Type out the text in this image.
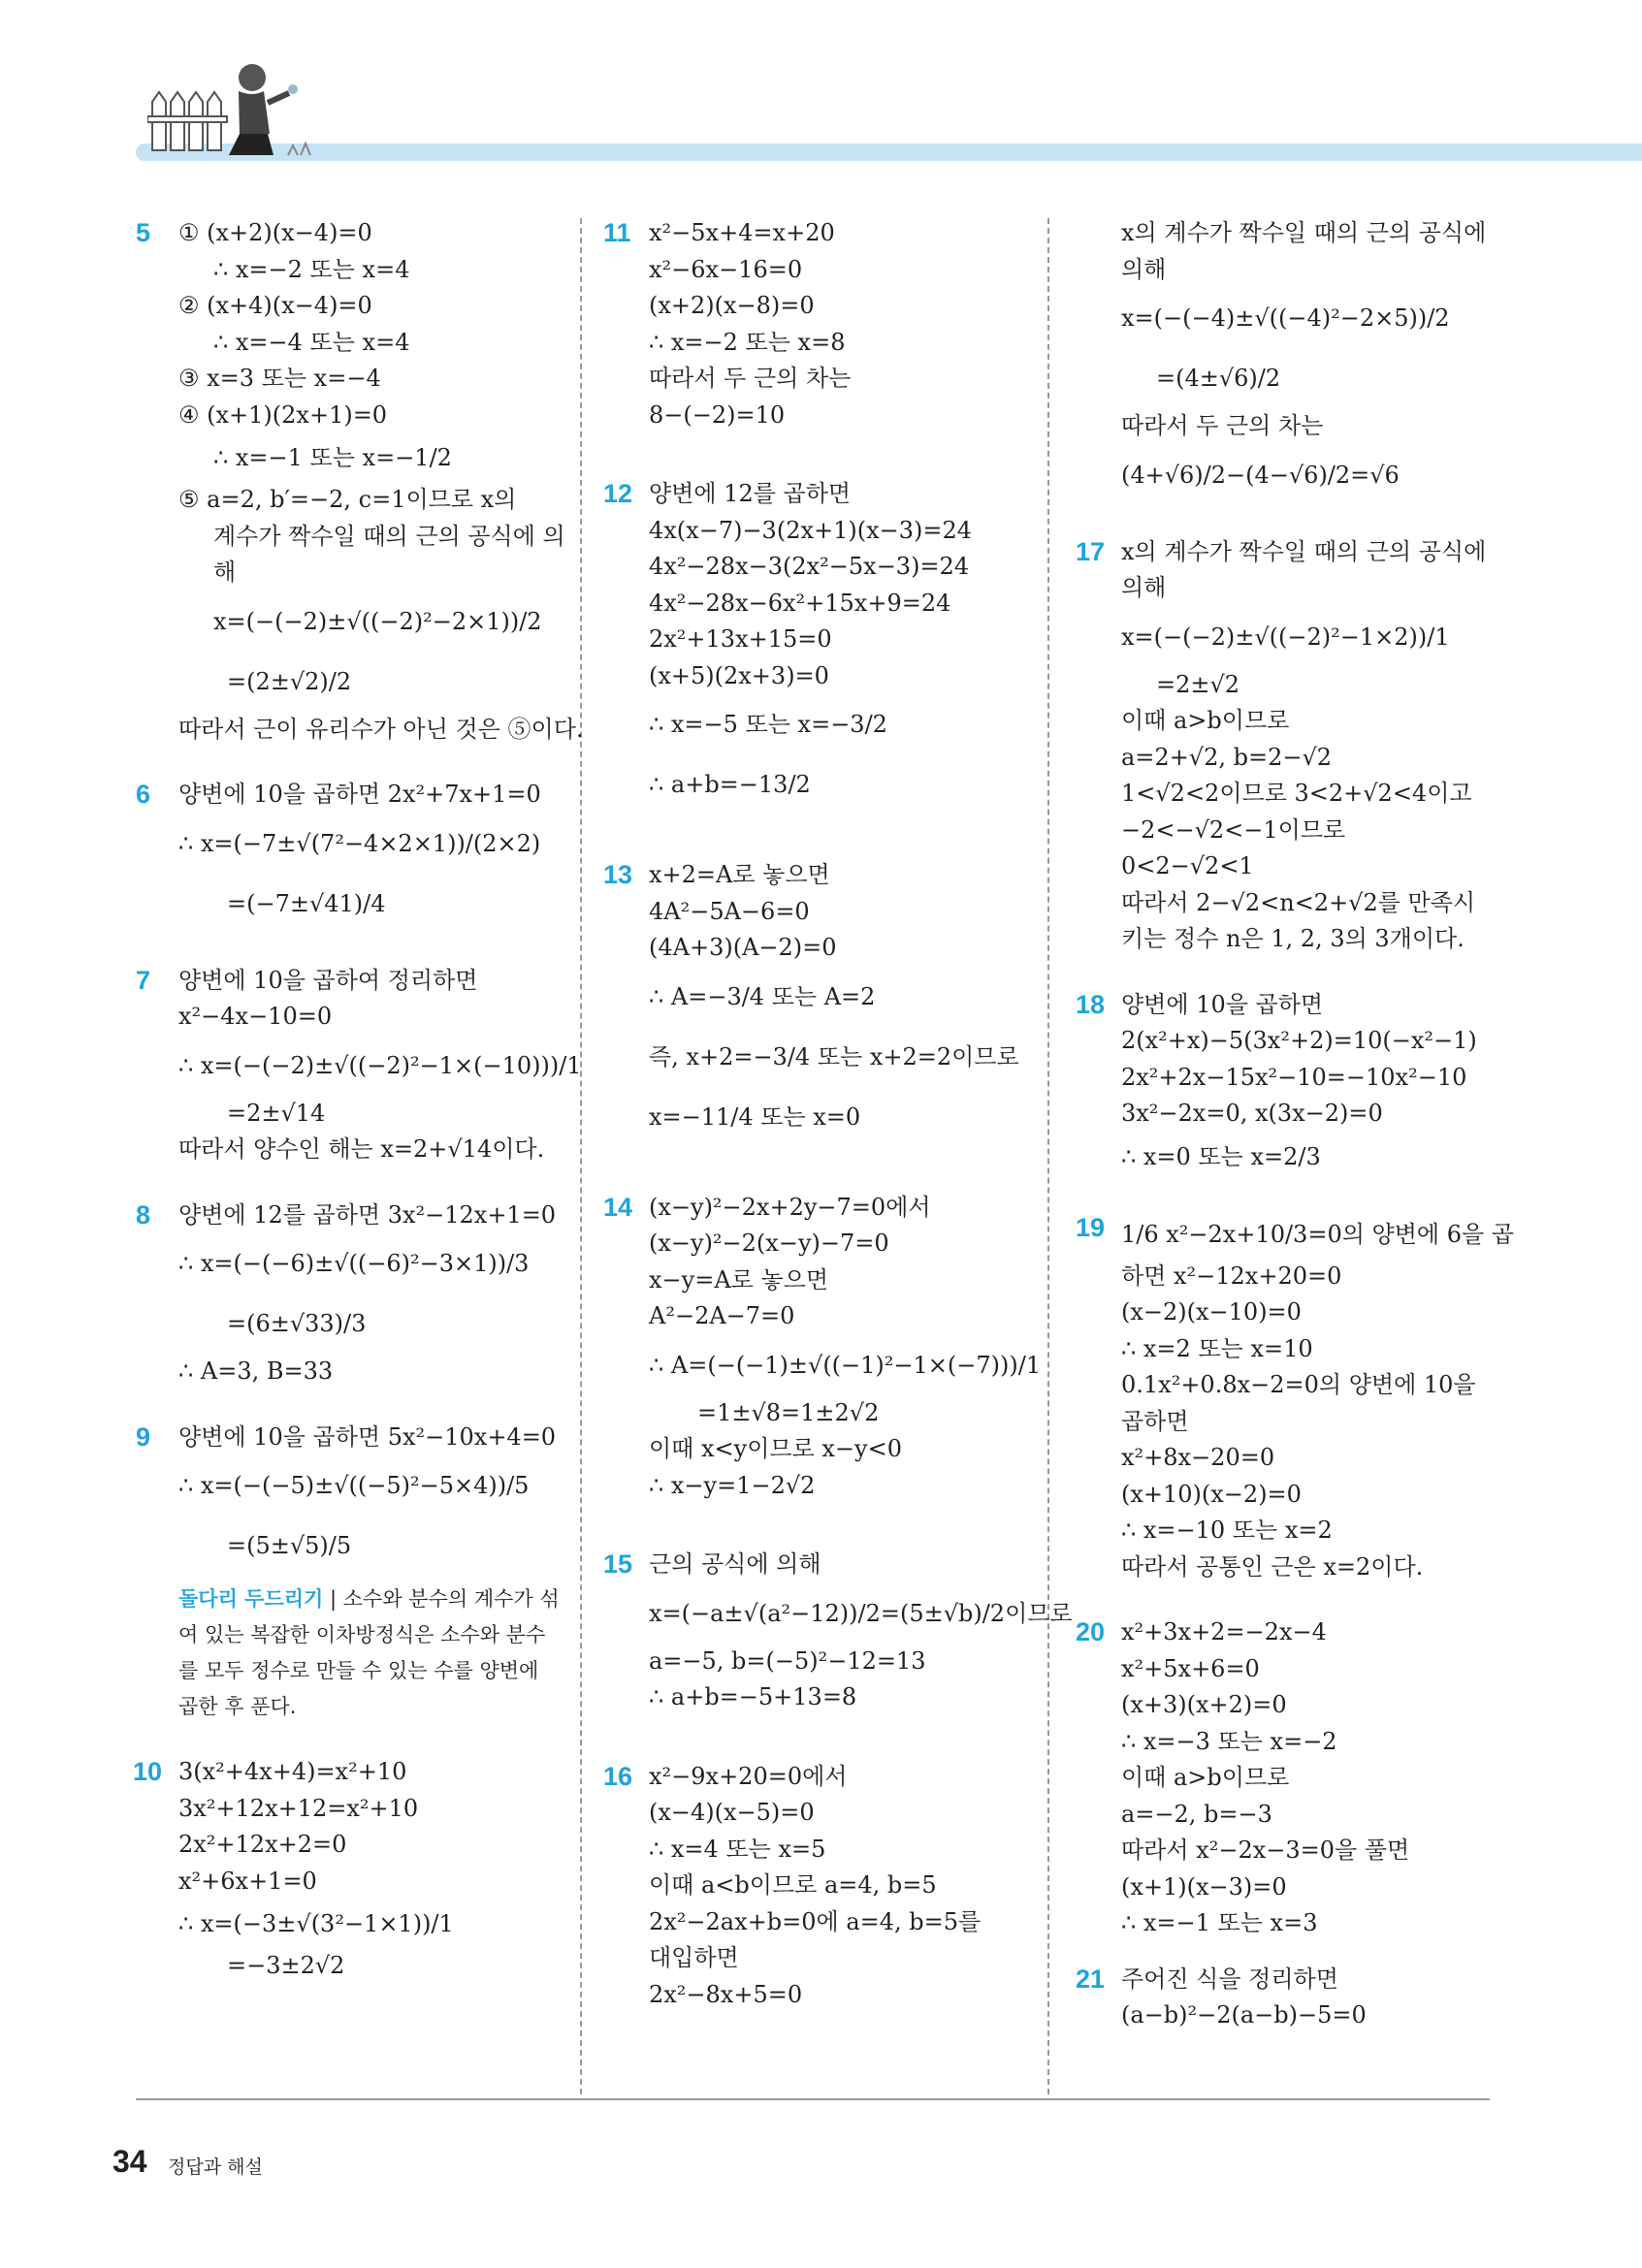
5 ① (x+2)(x−4)=0
∴ x=−2 또는 x=4
② (x+4)(x−4)=0
∴ x=−4 또는 x=4
③ x=3 또는 x=−4
④ (x+1)(2x+1)=0
∴ x=−1 또는 x=−1/2
⑤ a=2, b′=−2, c=1이므로 x의
계수가 짝수일 때의 근의 공식에 의
해
x=(−(−2)±√((−2)²−2×1))/2
=(2±√2)/2
따라서 근이 유리수가 아닌 것은 ⑤이다.
6 양변에 10을 곱하면 2x²+7x+1=0
∴ x=(−7±√(7²−4×2×1))/(2×2)
=(−7±√41)/4
7 양변에 10을 곱하여 정리하면
x²−4x−10=0
∴ x=(−(−2)±√((−2)²−1×(−10)))/1
=2±√14
따라서 양수인 해는 x=2+√14이다.
8 양변에 12를 곱하면 3x²−12x+1=0
∴ x=(−(−6)±√((−6)²−3×1))/3
=(6±√33)/3
∴ A=3, B=33
9 양변에 10을 곱하면 5x²−10x+4=0
∴ x=(−(−5)±√((−5)²−5×4))/5
=(5±√5)/5
돌다리 두드리기 | 소수와 분수의 계수가 섞여 있는 복잡한 이차방정식은 소수와 분수를 모두 정수로 만들 수 있는 수를 양변에 곱한 후 푼다.
10 3(x²+4x+4)=x²+10
3x²+12x+12=x²+10
2x²+12x+2=0
x²+6x+1=0
∴ x=(−3±√(3²−1×1))/1
=−3±2√2
11 x²−5x+4=x+20
x²−6x−16=0
(x+2)(x−8)=0
∴ x=−2 또는 x=8
따라서 두 근의 차는
8−(−2)=10
12 양변에 12를 곱하면
4x(x−7)−3(2x+1)(x−3)=24
4x²−28x−3(2x²−5x−3)=24
4x²−28x−6x²+15x+9=24
2x²+13x+15=0
(x+5)(2x+3)=0
∴ x=−5 또는 x=−3/2
∴ a+b=−13/2
13 x+2=A로 놓으면
4A²−5A−6=0
(4A+3)(A−2)=0
∴ A=−3/4 또는 A=2
즉, x+2=−3/4 또는 x+2=2이므로
x=−11/4 또는 x=0
14 (x−y)²−2x+2y−7=0에서
(x−y)²−2(x−y)−7=0
x−y=A로 놓으면
A²−2A−7=0
∴ A=(−(−1)±√((−1)²−1×(−7)))/1
=1±√8=1±2√2
이때 x<y이므로 x−y<0
∴ x−y=1−2√2
15 근의 공식에 의해
x=(−a±√(a²−12))/2=(5±√b)/2이므로
a=−5, b=(−5)²−12=13
∴ a+b=−5+13=8
16 x²−9x+20=0에서
(x−4)(x−5)=0
∴ x=4 또는 x=5
이때 a<b이므로 a=4, b=5
2x²−2ax+b=0에 a=4, b=5를
대입하면
2x²−8x+5=0
x의 계수가 짝수일 때의 근의 공식에
의해
x=(−(−4)±√((−4)²−2×5))/2
=(4±√6)/2
따라서 두 근의 차는
(4+√6)/2−(4−√6)/2=√6
17 x의 계수가 짝수일 때의 근의 공식에
의해
x=(−(−2)±√((−2)²−1×2))/1
=2±√2
이때 a>b이므로
a=2+√2, b=2−√2
1<√2<2이므로 3<2+√2<4이고
−2<−√2<−1이므로
0<2−√2<1
따라서 2−√2<n<2+√2를 만족시
키는 정수 n은 1, 2, 3의 3개이다.
18 양변에 10을 곱하면
2(x²+x)−5(3x²+2)=10(−x²−1)
2x²+2x−15x²−10=−10x²−10
3x²−2x=0, x(3x−2)=0
∴ x=0 또는 x=2/3
19 1/6 x²−2x+10/3=0의 양변에 6을 곱
하면 x²−12x+20=0
(x−2)(x−10)=0
∴ x=2 또는 x=10
0.1x²+0.8x−2=0의 양변에 10을
곱하면
x²+8x−20=0
(x+10)(x−2)=0
∴ x=−10 또는 x=2
따라서 공통인 근은 x=2이다.
20 x²+3x+2=−2x−4
x²+5x+6=0
(x+3)(x+2)=0
∴ x=−3 또는 x=−2
이때 a>b이므로
a=−2, b=−3
따라서 x²−2x−3=0을 풀면
(x+1)(x−3)=0
∴ x=−1 또는 x=3
21 주어진 식을 정리하면
(a−b)²−2(a−b)−5=0
34 정답과 해설
